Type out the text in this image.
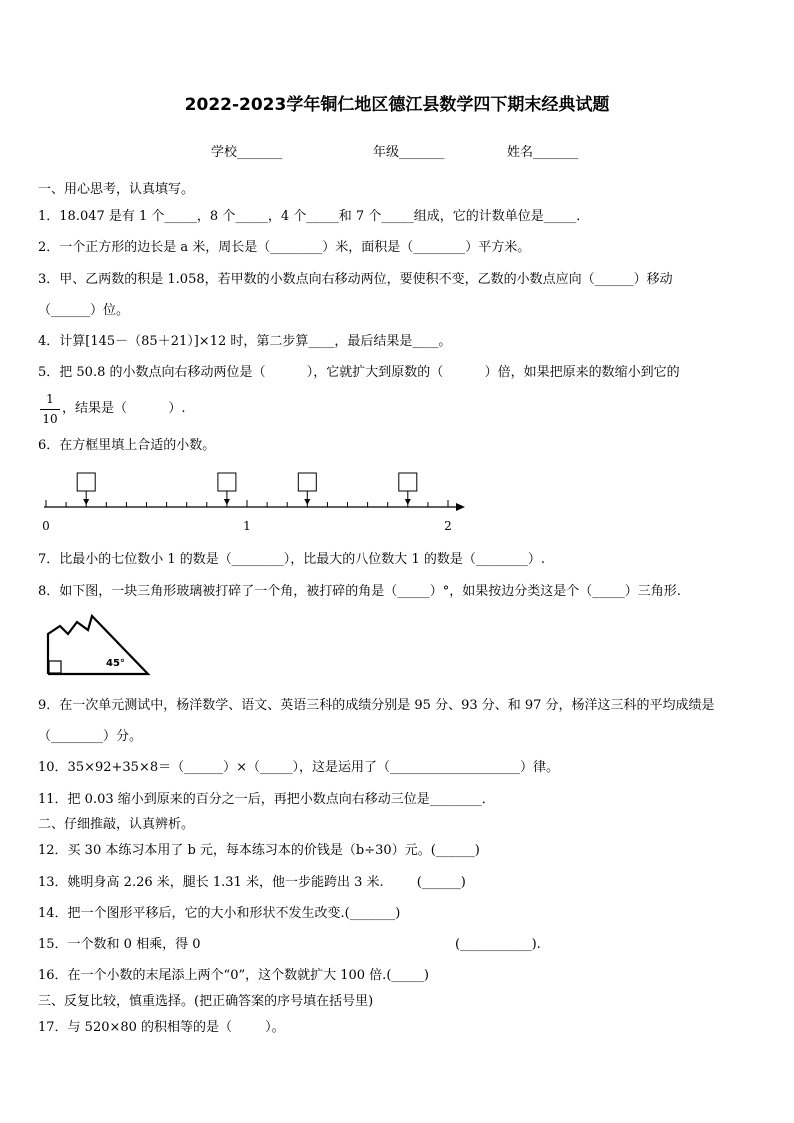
2022-2023学年铜仁地区德江县数学四下期末经典试题
学校_______	年级_______	姓名_______
一、用心思考，认真填写。
1．18.047 是有 1 个_____，8 个_____，4 个_____和 7 个_____组成，它的计数单位是_____．
2．一个正方形的边长是 a 米，周长是（________）米，面积是（________）平方米。
3．甲、乙两数的积是 1.058，若甲数的小数点向右移动两位，要使积不变，乙数的小数点应向（______）移动
（______）位。
4．计算[145－（85＋21）]×12 时，第二步算____，最后结果是____。
5．把 50.8 的小数点向右移动两位是（          ），它就扩大到原数的（          ）倍，如果把原来的数缩小到它的
1
10
，结果是（          ）.
6．在方框里填上合适的小数。
0	1	2
7．比最小的七位数小 1 的数是（________），比最大的八位数大 1 的数是（________）.
8．如下图，一块三角形玻璃被打碎了一个角，被打碎的角是（_____）°，如果按边分类这是个（_____）三角形.
45°
9．在一次单元测试中，杨洋数学、语文、英语三科的成绩分别是 95 分、93 分、和 97 分，杨洋这三科的平均成绩是
（________）分。
10．35×92+35×8＝（______）×（_____），这是运用了（____________________）律。
11．把 0.03 缩小到原来的百分之一后，再把小数点向右移动三位是________．
二、仔细推敲，认真辨析。
12．买 30 本练习本用了 b 元，每本练习本的价钱是（b÷30）元。(______)
13．姚明身高 2.26 米，腿长 1.31 米，他一步能跨出 3 米.        (______)
14．把一个图形平移后，它的大小和形状不发生改变.(_______)
15．一个数和 0 相乘，得 0	(___________).
16．在一个小数的末尾添上两个“0”，这个数就扩大 100 倍.(_____)
三、反复比较，慎重选择。(把正确答案的序号填在括号里)
17．与 520×80 的积相等的是（        ）。
